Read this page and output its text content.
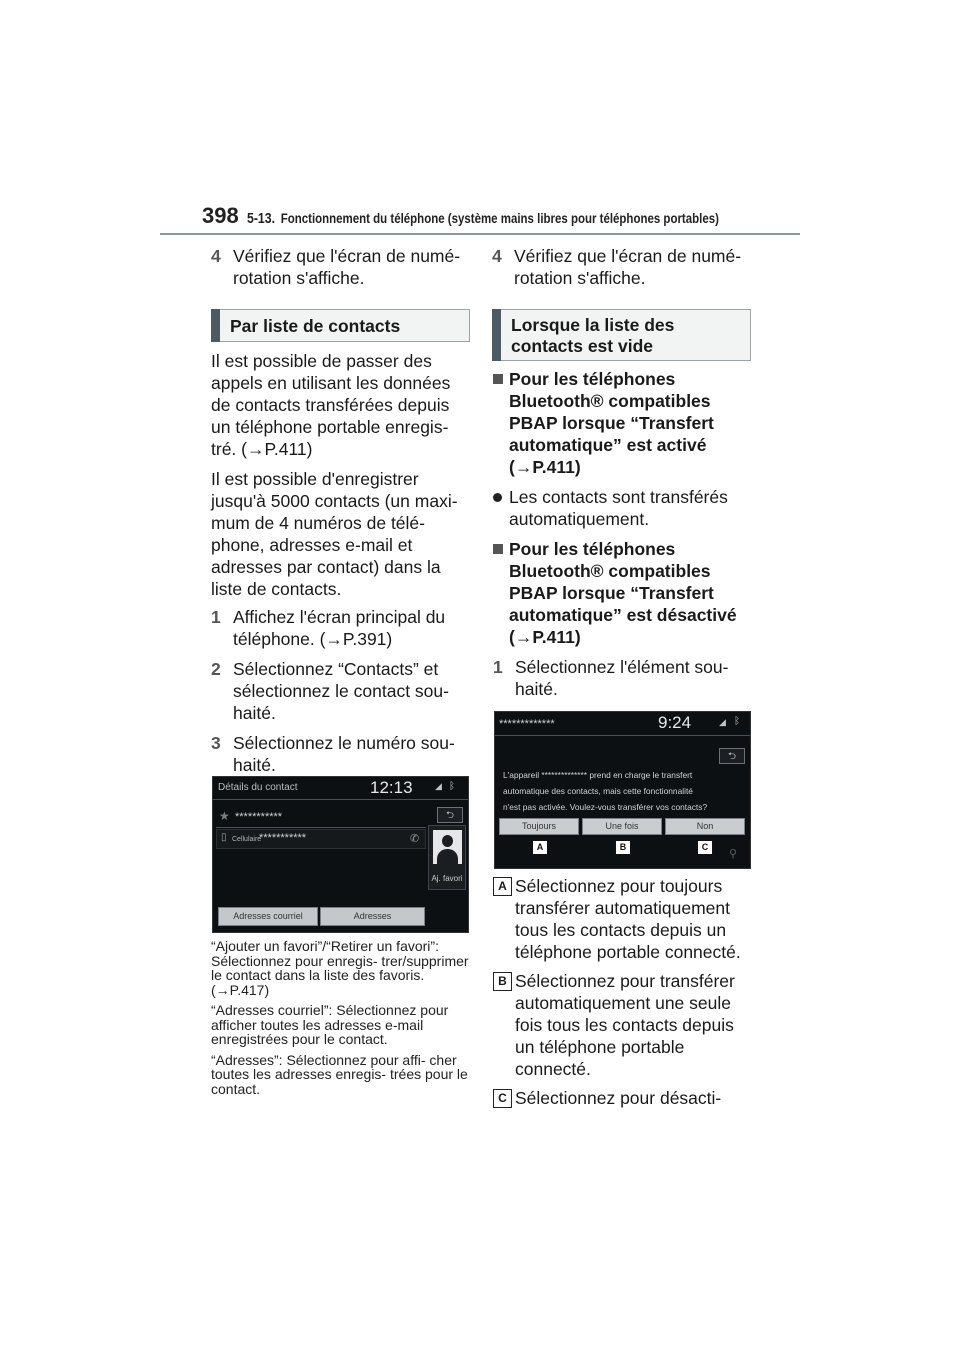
398 5-13. Fonctionnement du téléphone (système mains libres pour téléphones portables)

4 Vérifiez que l'écran de numé- rotation s'affiche.

Par liste de contacts

Il est possible de passer des appels en utilisant les données de contacts transférées depuis un téléphone portable enregis- tré. (→P.411)

Il est possible d'enregistrer jusqu'à 5000 contacts (un maxi- mum de 4 numéros de télé- phone, adresses e-mail et adresses par contact) dans la liste de contacts.

1 Affichez l'écran principal du téléphone. (→P.391)

2 Sélectionnez “Contacts” et sélectionnez le contact sou- haité.

3 Sélectionnez le numéro sou- haité.

Détails du contact	12:13	ᛒ
◢
★ ***********	⮌
▯ Cellulaire
***********	✆
Aj. favori
Adresses courriel	Adresses

“Ajouter un favori”/“Retirer un favori”: Sélectionnez pour enregis- trer/supprimer le contact dans la liste des favoris. (→P.417)

“Adresses courriel”: Sélectionnez pour afficher toutes les adresses e-mail enregistrées pour le contact.

“Adresses”: Sélectionnez pour affi- cher toutes les adresses enregis- trées pour le contact.

4 Vérifiez que l'écran de numé- rotation s'affiche.

Lorsque la liste des
contacts est vide

Pour les téléphones Bluetooth® compatibles PBAP lorsque “Transfert automatique” est activé (→P.411)

Les contacts sont transférés automatiquement.

Pour les téléphones Bluetooth® compatibles PBAP lorsque “Transfert automatique” est désactivé (→P.411)

1 Sélectionnez l'élément sou- haité.

*************	9:24	◢ ᛒ
⮌
L'appareil ************** prend en charge le transfert
automatique des contacts, mais cette fonctionnalité
n'est pas activée. Voulez-vous transférer vos contacts?
Toujours	Une fois	Non
A	B	C
⚲

A Sélectionnez pour toujours transférer automatiquement tous les contacts depuis un téléphone portable connecté.

B Sélectionnez pour transférer automatiquement une seule fois tous les contacts depuis un téléphone portable connecté.

C Sélectionnez pour désacti-
